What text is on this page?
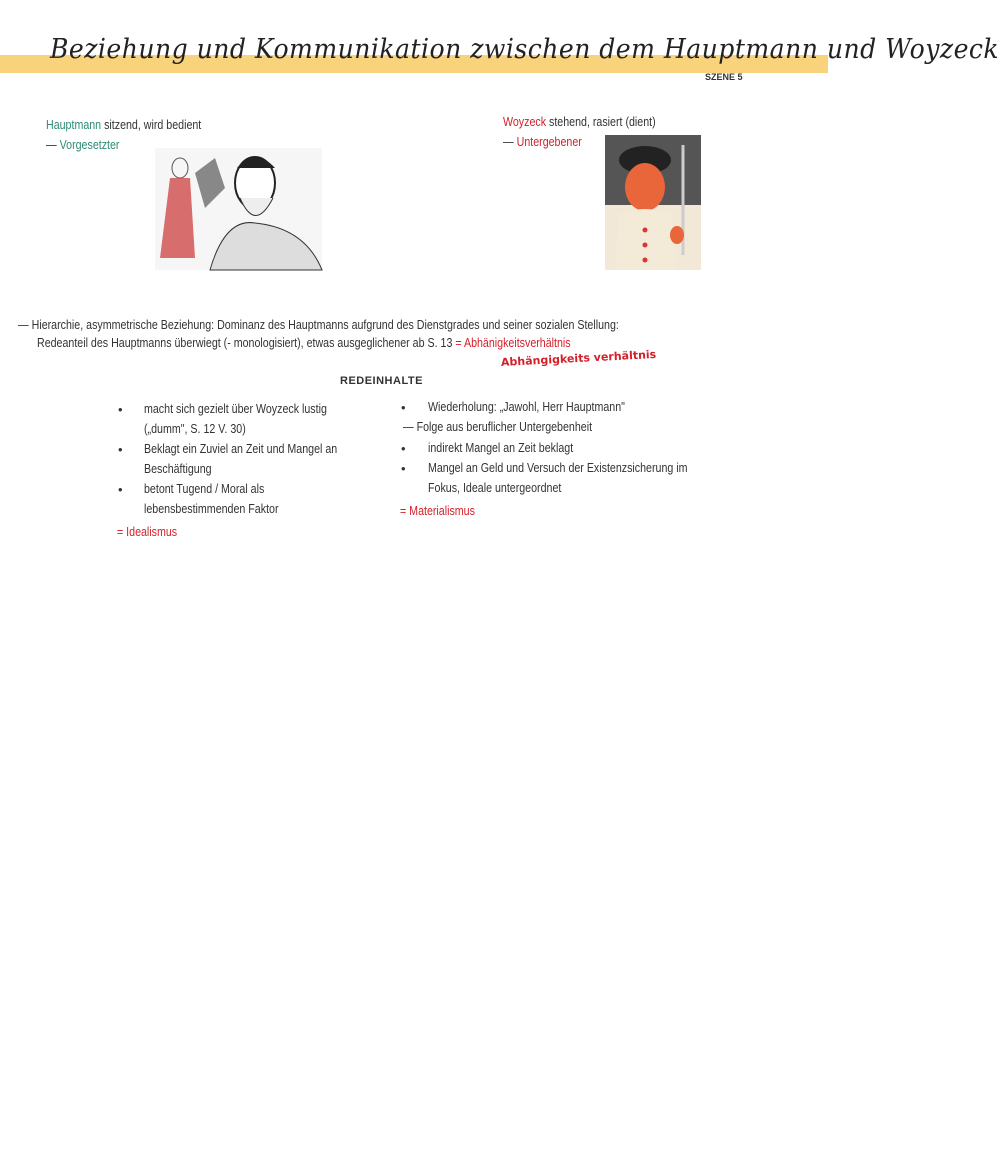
Beziehung und Kommunikation zwischen dem Hauptmann und Woyzeck
SZENE 5
Hauptmann sitzend, wird bedient
— Vorgesetzter
Woyzeck stehend, rasiert (dient)
— Untergebener
— Hierarchie, asymmetrische Beziehung: Dominanz des Hauptmanns aufgrund des Dienstgrades und seiner sozialen Stellung:
Redeanteil des Hauptmanns überwiegt (- monologisiert), etwas ausgeglichener ab S. 13 = Abhänigkeitsverhältnis
Abhängigkeits verhältnis
REDEINHALTE
• macht sich gezielt über Woyzeck lustig
(„dumm", S. 12 V. 30)
• Beklagt ein Zuviel an Zeit und Mangel an
Beschäftigung
• betont Tugend / Moral als
lebensbestimmenden Faktor
= Idealismus
• Wiederholung: „Jawohl, Herr Hauptmann"
— Folge aus beruflicher Untergebenheit
• indirekt Mangel an Zeit beklagt
• Mangel an Geld und Versuch der Existenzsicherung im
Fokus, Ideale untergeordnet
= Materialismus
